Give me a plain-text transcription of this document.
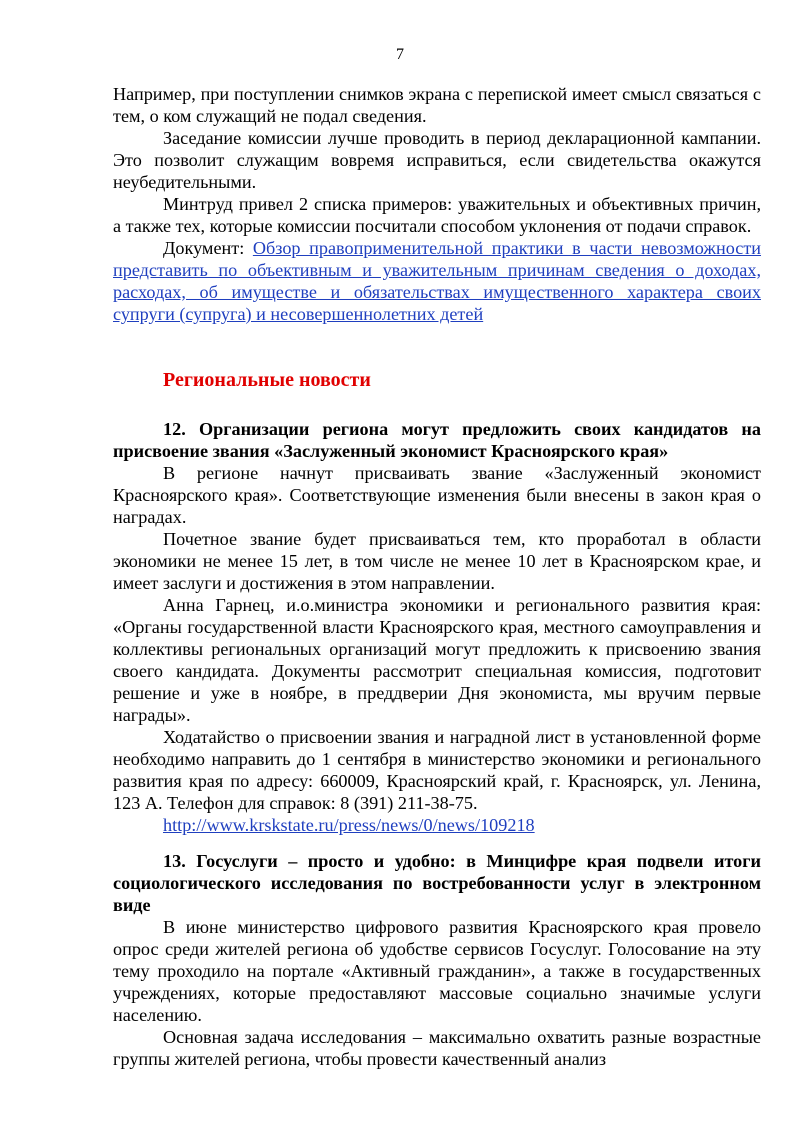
7

Например, при поступлении снимков экрана с перепиской имеет смысл связаться с тем, о ком служащий не подал сведения.

Заседание комиссии лучше проводить в период декларационной кампании. Это позволит служащим вовремя исправиться, если свидетельства окажутся неубедительными.

Минтруд привел 2 списка примеров: уважительных и объективных причин, а также тех, которые комиссии посчитали способом уклонения от подачи справок.

Документ: Обзор правоприменительной практики в части невозможности представить по объективным и уважительным причинам сведения о доходах, расходах, об имуществе и обязательствах имущественного характера своих супруги (супруга) и несовершеннолетних детей

Региональные новости

12. Организации региона могут предложить своих кандидатов на присвоение звания «Заслуженный экономист Красноярского края»

В регионе начнут присваивать звание «Заслуженный экономист Красноярского края». Соответствующие изменения были внесены в закон края о наградах.

Почетное звание будет присваиваться тем, кто проработал в области экономики не менее 15 лет, в том числе не менее 10 лет в Красноярском крае, и имеет заслуги и достижения в этом направлении.

Анна Гарнец, и.о.министра экономики и регионального развития края: «Органы государственной власти Красноярского края, местного самоуправления и коллективы региональных организаций могут предложить к присвоению звания своего кандидата. Документы рассмотрит специальная комиссия, подготовит решение и уже в ноябре, в преддверии Дня экономиста, мы вручим первые награды».

Ходатайство о присвоении звания и наградной лист в установленной форме необходимо направить до 1 сентября в министерство экономики и регионального развития края по адресу: 660009, Красноярский край, г. Красноярск, ул. Ленина, 123 А. Телефон для справок: 8 (391) 211-38-75.

http://www.krskstate.ru/press/news/0/news/109218

13. Госуслуги – просто и удобно: в Минцифре края подвели итоги социологического исследования по востребованности услуг в электронном виде

В июне министерство цифрового развития Красноярского края провело опрос среди жителей региона об удобстве сервисов Госуслуг. Голосование на эту тему проходило на портале «Активный гражданин», а также в государственных учреждениях, которые предоставляют массовые социально значимые услуги населению.

Основная задача исследования – максимально охватить разные возрастные группы жителей региона, чтобы провести качественный анализ
